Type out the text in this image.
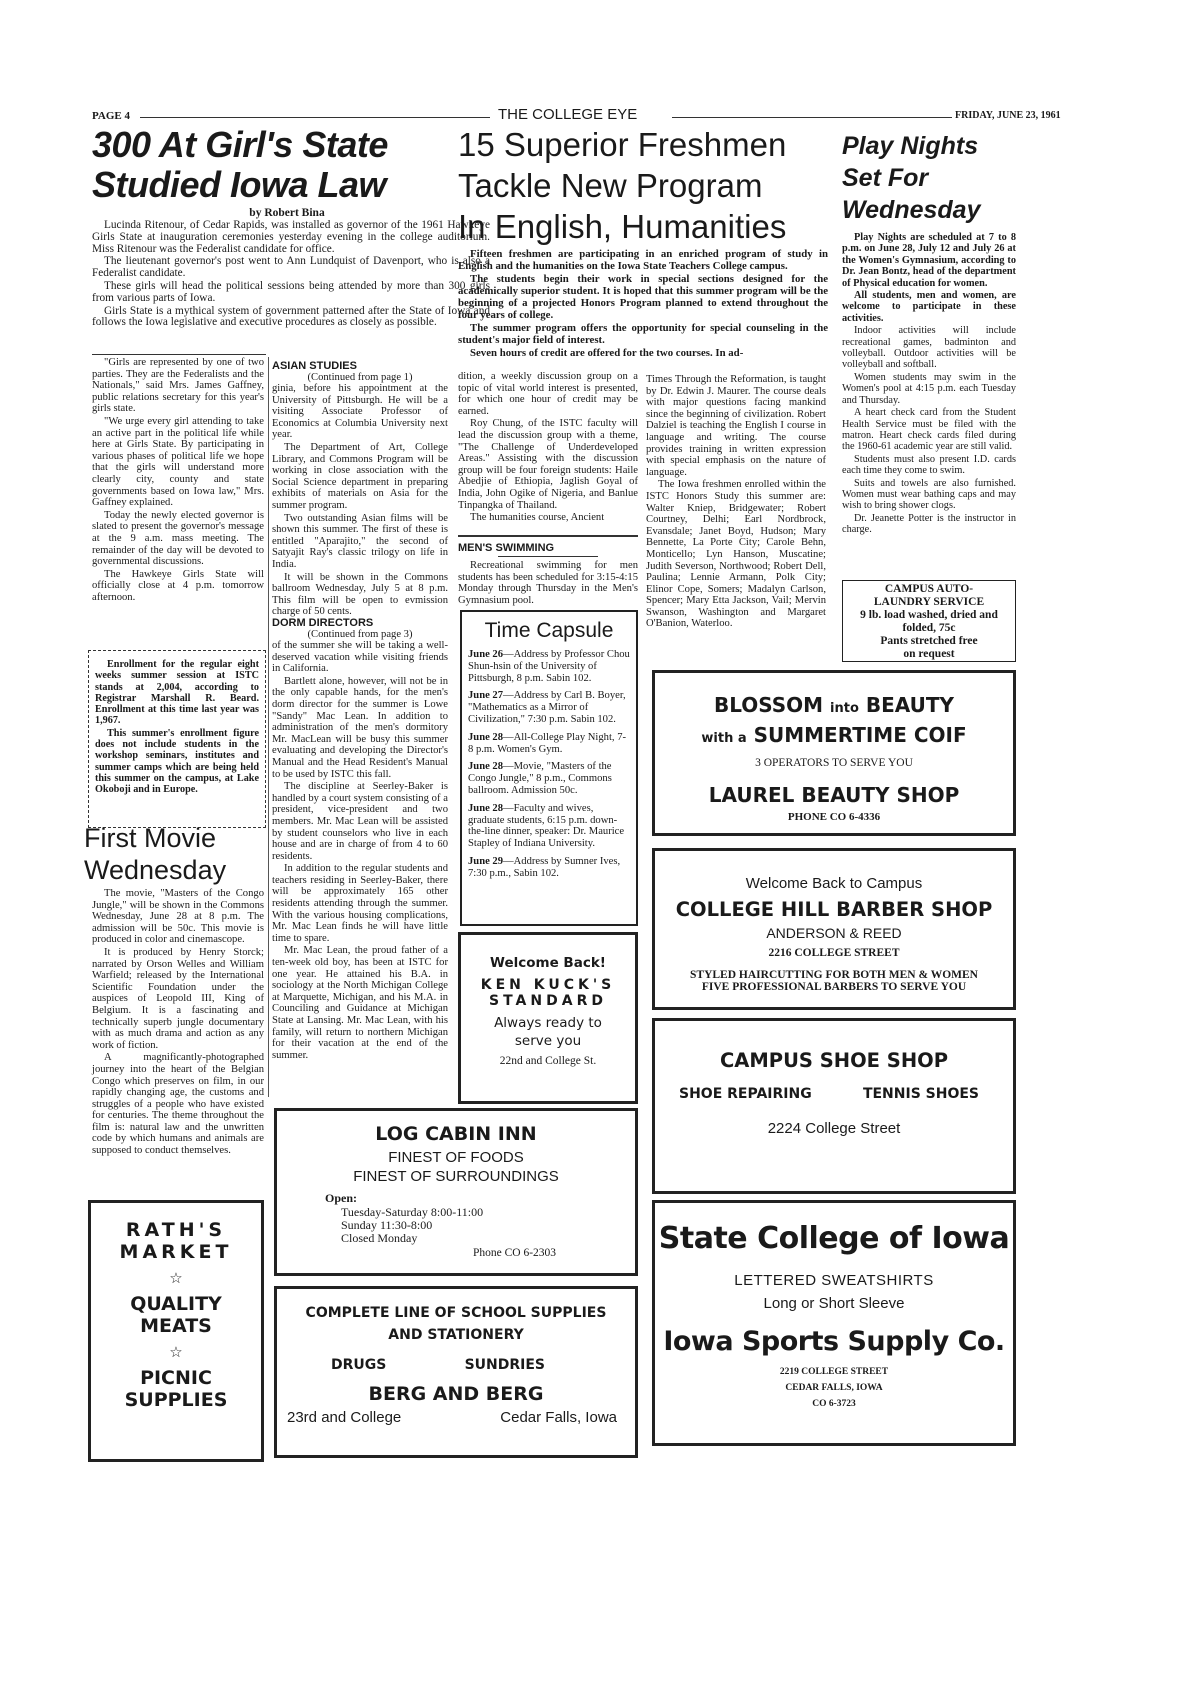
PAGE 4	THE COLLEGE EYE	FRIDAY, JUNE 23, 1961
300 At Girl's State
Studied Iowa Law
by Robert Bina

Lucinda Ritenour, of Cedar Rapids, was installed as governor of the 1961 Hawkeye Girls State at inauguration ceremonies yesterday evening in the college auditorium. Miss Ritenour was the Federalist candidate for office.

The lieutenant governor's post went to Ann Lundquist of Davenport, who is also a Federalist candidate.

These girls will head the political sessions being attended by more than 300 girls from various parts of Iowa.

Girls State is a mythical system of government patterned after the State of Iowa and follows the Iowa legislative and executive procedures as closely as possible.

"Girls are represented by one of two parties. They are the Federalists and the Nationals," said Mrs. James Gaffney, public relations secretary for this year's girls state.

"We urge every girl attending to take an active part in the political life while here at Girls State. By participating in various phases of political life we hope that the girls will understand more clearly city, county and state governments based on Iowa law," Mrs. Gaffney explained.

Today the newly elected governor is slated to present the governor's message at the 9 a.m. mass meeting. The remainder of the day will be devoted to governmental discussions.

The Hawkeye Girls State will officially close at 4 p.m. tomorrow afternoon.

Enrollment for the regular eight weeks summer session at ISTC stands at 2,004, according to Registrar Marshall R. Beard. Enrollment at this time last year was 1,967.

This summer's enrollment figure does not include students in the workshop seminars, institutes and summer camps which are being held this summer on the campus, at Lake Okoboji and in Europe.

First Movie
Wednesday

The movie, "Masters of the Congo Jungle," will be shown in the Commons Wednesday, June 28 at 8 p.m. The admission will be 50c. This movie is produced in color and cinemascope.

It is produced by Henry Storck; narrated by Orson Welles and William Warfield; released by the International Scientific Foundation under the auspices of Leopold III, King of Belgium. It is a fascinating and technically superb jungle documentary with as much drama and action as any work of fiction.

A magnificantly-photographed journey into the heart of the Belgian Congo which preserves on film, in our rapidly changing age, the customs and struggles of a people who have existed for centuries. The theme throughout the film is: natural law and the unwritten code by which humans and animals are supposed to conduct themselves.

RATH'S
MARKET
☆
QUALITY
MEATS
☆
PICNIC
SUPPLIES
ASIAN STUDIES
(Continued from page 1)

ginia, before his appointment at the University of Pittsburgh. He will be a visiting Associate Professor of Economics at Columbia University next year.

The Department of Art, College Library, and Commons Program will be working in close association with the Social Science department in preparing exhibits of materials on Asia for the summer program.

Two outstanding Asian films will be shown this summer. The first of these is entitled "Aparajito," the second of Satyajit Ray's classic trilogy on life in India.

It will be shown in the Commons ballroom Wednesday, July 5 at 8 p.m. This film will be open to evmission charge of 50 cents.

DORM DIRECTORS
(Continued from page 3)

of the summer she will be taking a well-deserved vacation while visiting friends in California.

Bartlett alone, however, will not be in the only capable hands, for the men's dorm director for the summer is Lowe "Sandy" Mac Lean. In addition to administration of the men's dormitory Mr. MacLean will be busy this summer evaluating and developing the Director's Manual and the Head Resident's Manual to be used by ISTC this fall.

The discipline at Seerley-Baker is handled by a court system consisting of a president, vice-president and two members. Mr. Mac Lean will be assisted by student counselors who live in each house and are in charge of from 4 to 60 residents.

In addition to the regular students and teachers residing in Seerley-Baker, there will be approximately 165 other residents attending through the summer. With the various housing complications, Mr. Mac Lean finds he will have little time to spare.

Mr. Mac Lean, the proud father of a ten-week old boy, has been at ISTC for one year. He attained his B.A. in sociology at the North Michigan College at Marquette, Michigan, and his M.A. in Counciling and Guidance at Michigan State at Lansing. Mr. Mac Lean, with his family, will return to northern Michigan for their vacation at the end of the summer.

15 Superior Freshmen
Tackle New Program
In English, Humanities

Fifteen freshmen are participating in an enriched program of study in English and the humanities on the Iowa State Teachers College campus.

The students begin their work in special sections designed for the academically superior student. It is hoped that this summer program will be the beginning of a projected Honors Program planned to extend throughout the four years of college.

The summer program offers the opportunity for special counseling in the student's major field of interest.

Seven hours of credit are offered for the two courses. In ad-

dition, a weekly discussion group on a topic of vital world interest is presented, for which one hour of credit may be earned.

Roy Chung, of the ISTC faculty will lead the discussion group with a theme, "The Challenge of Underdeveloped Areas." Assisting with the discussion group will be four foreign students: Haile Abedjie of Ethiopia, Jaglish Goyal of India, John Ogike of Nigeria, and Banlue Tinpangka of Thailand.

The humanities course, Ancient

Times Through the Reformation, is taught by Dr. Edwin J. Maurer. The course deals with major questions facing mankind since the beginning of civilization. Robert Dalziel is teaching the English I course in language and writing. The course provides training in written expression with special emphasis on the nature of language.

The Iowa freshmen enrolled within the ISTC Honors Study this summer are: Walter Kniep, Bridgewater; Robert Courtney, Delhi; Earl Nordbrock, Evansdale; Janet Boyd, Hudson; Mary Bennette, La Porte City; Carole Behn, Monticello; Lyn Hanson, Muscatine; Judith Severson, Northwood; Robert Dell, Paulina; Lennie Armann, Polk City; Elinor Cope, Somers; Madalyn Carlson, Spencer; Mary Etta Jackson, Vail; Mervin Swanson, Washington and Margaret O'Banion, Waterloo.

MEN'S SWIMMING

Recreational swimming for men students has been scheduled for 3:15-4:15 Monday through Thursday in the Men's Gymnasium pool.

Time Capsule

June 26—Address by Professor Chou Shun-hsin of the University of Pittsburgh, 8 p.m. Sabin 102.

June 27—Address by Carl B. Boyer, "Mathematics as a Mirror of Civilization," 7:30 p.m. Sabin 102.

June 28—All-College Play Night, 7-8 p.m. Women's Gym.

June 28—Movie, "Masters of the Congo Jungle," 8 p.m., Commons ballroom. Admission 50c.

June 28—Faculty and wives, graduate students, 6:15 p.m. down-the-line dinner, speaker: Dr. Maurice Stapley of Indiana University.

June 29—Address by Sumner Ives, 7:30 p.m., Sabin 102.

Welcome Back!
KEN KUCK'S
STANDARD
Always ready to
serve you
22nd and College St.
Play Nights
Set For
Wednesday

Play Nights are scheduled at 7 to 8 p.m. on June 28, July 12 and July 26 at the Women's Gymnasium, according to Dr. Jean Bontz, head of the department of Physical education for women.

All students, men and women, are welcome to participate in these activities.

Indoor activities will include recreational games, badminton and volleyball. Outdoor activities will be volleyball and softball.

Women students may swim in the Women's pool at 4:15 p.m. each Tuesday and Thursday.

A heart check card from the Student Health Service must be filed with the matron. Heart check cards filed during the 1960-61 academic year are still valid.

Students must also present I.D. cards each time they come to swim.

Suits and towels are also furnished. Women must wear bathing caps and may wish to bring shower clogs.

Dr. Jeanette Potter is the instructor in charge.

CAMPUS AUTO-
LAUNDRY SERVICE
9 lb. load washed, dried and
folded, 75c
Pants stretched free
on request
BLOSSOM into BEAUTY
with a SUMMERTIME COIF
3 OPERATORS TO SERVE YOU
LAUREL BEAUTY SHOP
PHONE CO 6-4336
Welcome Back to Campus
COLLEGE HILL BARBER SHOP
ANDERSON & REED
2216 COLLEGE STREET
STYLED HAIRCUTTING FOR BOTH MEN & WOMEN
FIVE PROFESSIONAL BARBERS TO SERVE YOU
LOG CABIN INN
FINEST OF FOODS
FINEST OF SURROUNDINGS
Open:
Tuesday-Saturday 8:00-11:00
Sunday 11:30-8:00
Closed Monday
Phone CO 6-2303
COMPLETE LINE OF SCHOOL SUPPLIES
AND STATIONERY
DRUGS	SUNDRIES
BERG AND BERG
23rd and College	Cedar Falls, Iowa
CAMPUS SHOE SHOP
SHOE REPAIRING	TENNIS SHOES
2224 College Street
State College of Iowa
LETTERED SWEATSHIRTS
Long or Short Sleeve
Iowa Sports Supply Co.
2219 COLLEGE STREET
CEDAR FALLS, IOWA
CO 6-3723
